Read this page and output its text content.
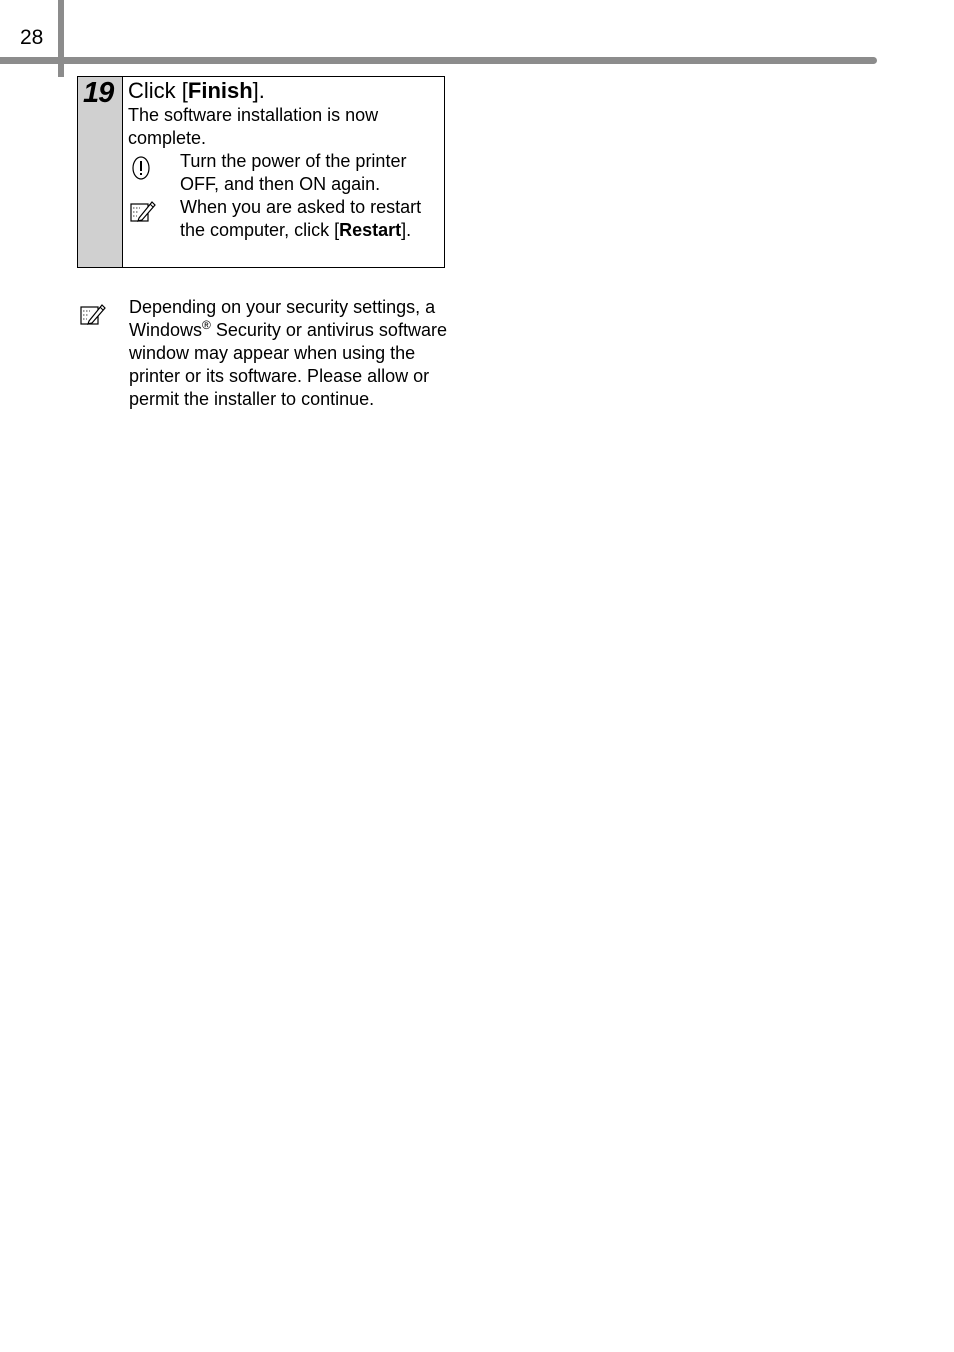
28
19 Click [Finish].
The software installation is now complete.
Turn the power of the printer OFF, and then ON again.
When you are asked to restart the computer, click [Restart].
Depending on your security settings, a Windows® Security or antivirus software window may appear when using the printer or its software. Please allow or permit the installer to continue.
